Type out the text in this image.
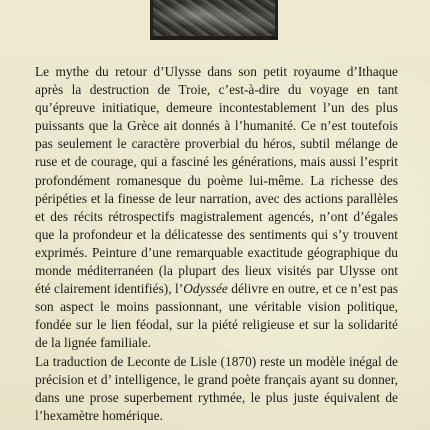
Le mythe du retour d’Ulysse dans son petit royaume d’Ithaque après la destruction de Troie, c’est-à-dire du voyage en tant qu’épreuve initiatique, demeure incontestablement l’un des plus puissants que la Grèce ait donnés à l’humanité. Ce n’est toutefois pas seulement le caractère proverbial du héros, subtil mélange de ruse et de courage, qui a fasciné les générations, mais aussi l’esprit profondément romanesque du poème lui-même. La richesse des péripéties et la finesse de leur narration, avec des actions parallèles et des récits rétrospectifs magistralement agencés, n’ont d’égales que la profondeur et la délicatesse des sentiments qui s’y trouvent exprimés. Peinture d’une remarquable exactitude géographique du monde méditerranéen (la plupart des lieux visités par Ulysse ont été clairement identifiés), l’Odyssée délivre en outre, et ce n’est pas son aspect le moins passionnant, une véritable vision politique, fondée sur le lien féodal, sur la piété religieuse et sur la solidarité de la lignée familiale.

La traduction de Leconte de Lisle (1870) reste un modèle inégal de précision et d’ intelligence, le grand poète français ayant su donner, dans une prose superbement rythmée, le plus juste équivalent de l’hexamètre homérique.
